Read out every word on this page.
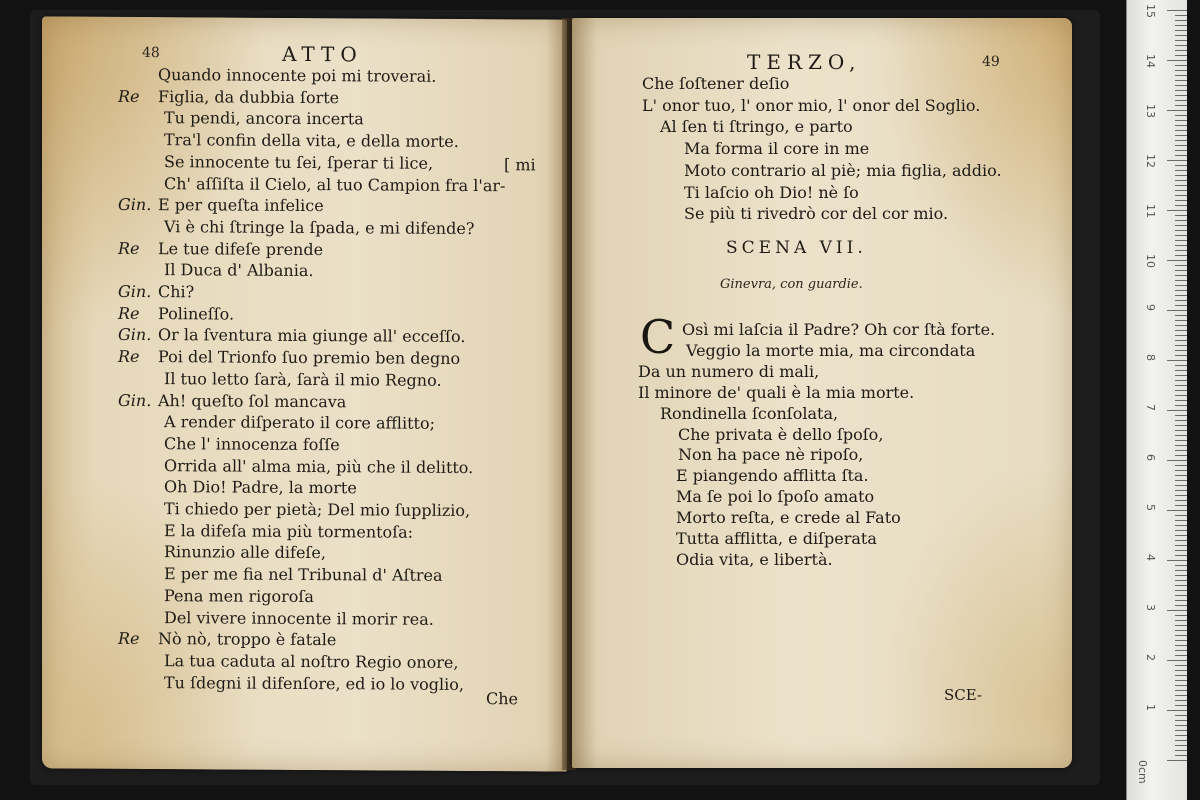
48	ATTO
Quando innocente poi mi troverai.
Re Figlia, da dubbia ſorte
Tu pendi, ancora incerta
Tra'l confin della vita, e della morte.
Se innocente tu ſei, ſperar ti lice,
Ch' aſſiſta il Cielo, al tuo Campion fra l'ar-
Gin. E per queſta infelice
Vi è chi ſtringe la ſpada, e mi difende?
Re Le tue difeſe prende
Il Duca d' Albania.
Gin. Chi?
Re Polineſſo.
Gin. Or la ſventura mia giunge all' ecceſſo.
Re Poi del Trionfo ſuo premio ben degno
Il tuo letto ſarà, ſarà il mio Regno.
Gin. Ah! queſto ſol mancava
A render diſperato il core afflitto;
Che l' innocenza foſſe
Orrida all' alma mia, più che il delitto.
Oh Dio! Padre, la morte
Ti chiedo per pietà; Del mio ſupplizio,
E la difeſa mia più tormentoſa:
Rinunzio alle difeſe,
E per me fia nel Tribunal d' Aſtrea
Pena men rigoroſa
Del vivere innocente il morir rea.
Re Nò nò, troppo è fatale
La tua caduta al noſtro Regio onore,
Tu ſdegni il difenſore, ed io lo voglio,
[ mi
Che
TERZO,	49
Che ſoſtener deſio
L' onor tuo, l' onor mio, l' onor del Soglio.
Al ſen ti ſtringo, e parto
Ma forma il core in me
Moto contrario al piè; mia figlia, addio.
Ti laſcio oh Dio! nè ſo
Se più ti rivedrò cor del cor mio.
SCENA VII.
Ginevra, con guardie.
C Osì mi laſcia il Padre? Oh cor ſtà forte.
Veggio la morte mia, ma circondata
Da un numero di mali,
Il minore de' quali è la mia morte.
Rondinella ſconſolata,
Che privata è dello ſpoſo,
Non ha pace nè ripoſo,
E piangendo afflitta ſta.
Ma ſe poi lo ſpoſo amato
Morto reſta, e crede al Fato
Tutta afflitta, e diſperata
Odia vita, e libertà.
SCE-
0cm
1
2
3
4
5
6
7
8
9
10
11
12
13
14
15
